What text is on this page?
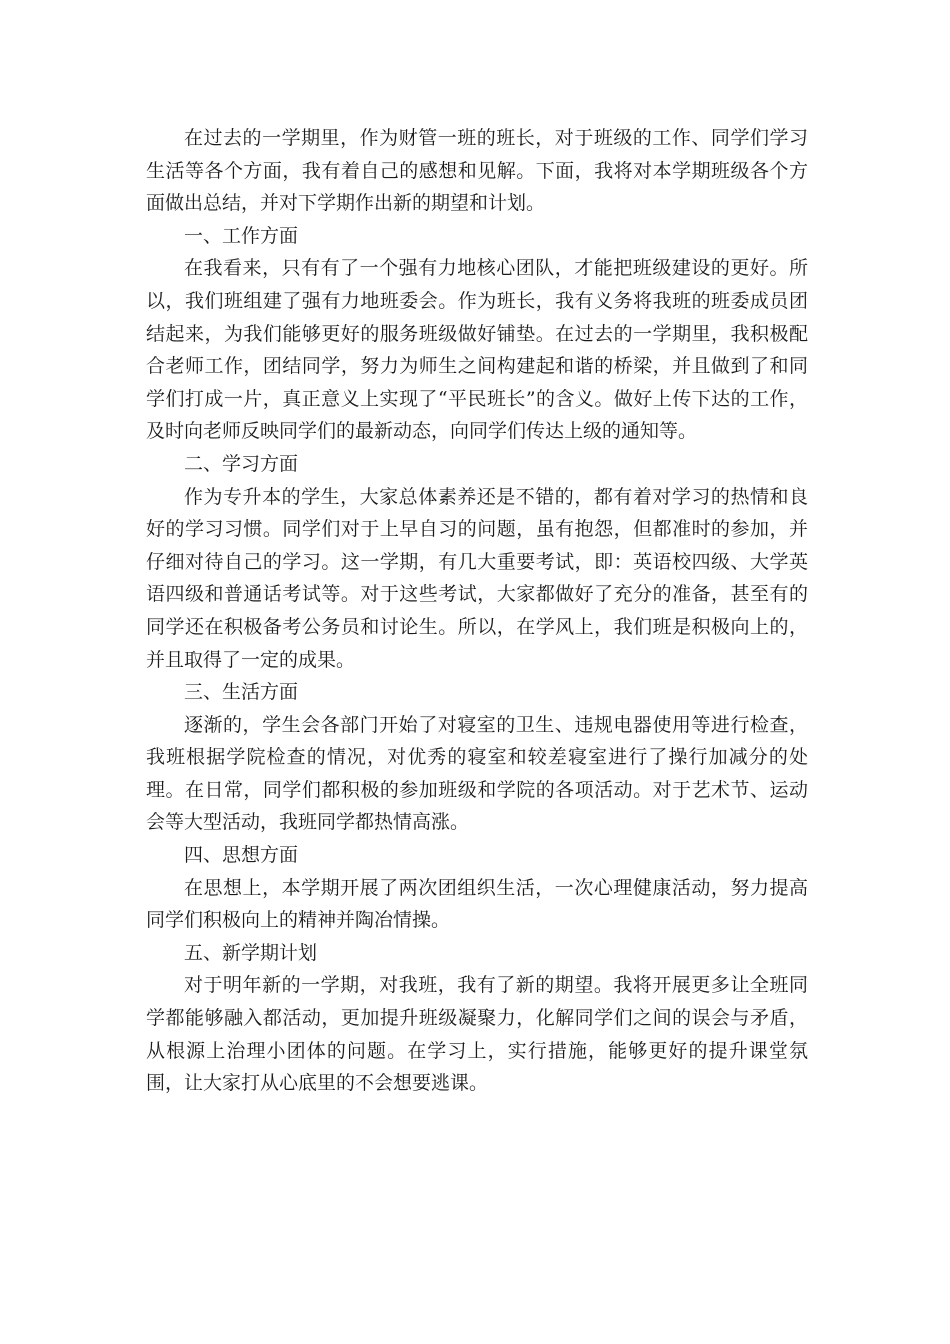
在过去的一学期里，作为财管一班的班长，对于班级的工作、同学们学习生活等各个方面，我有着自己的感想和见解。下面，我将对本学期班级各个方面做出总结，并对下学期作出新的期望和计划。

一、工作方面

在我看来，只有有了一个强有力地核心团队，才能把班级建设的更好。所以，我们班组建了强有力地班委会。作为班长，我有义务将我班的班委成员团结起来，为我们能够更好的服务班级做好铺垫。在过去的一学期里，我积极配合老师工作，团结同学，努力为师生之间构建起和谐的桥梁，并且做到了和同学们打成一片，真正意义上实现了“平民班长”的含义。做好上传下达的工作，及时向老师反映同学们的最新动态，向同学们传达上级的通知等。

二、学习方面

作为专升本的学生，大家总体素养还是不错的，都有着对学习的热情和良好的学习习惯。同学们对于上早自习的问题，虽有抱怨，但都准时的参加，并仔细对待自己的学习。这一学期，有几大重要考试，即：英语校四级、大学英语四级和普通话考试等。对于这些考试，大家都做好了充分的准备，甚至有的同学还在积极备考公务员和讨论生。所以，在学风上，我们班是积极向上的，并且取得了一定的成果。

三、生活方面

逐渐的，学生会各部门开始了对寝室的卫生、违规电器使用等进行检查，我班根据学院检查的情况，对优秀的寝室和较差寝室进行了操行加减分的处理。在日常，同学们都积极的参加班级和学院的各项活动。对于艺术节、运动会等大型活动，我班同学都热情高涨。

四、思想方面

在思想上，本学期开展了两次团组织生活，一次心理健康活动，努力提高同学们积极向上的精神并陶冶情操。

五、新学期计划

对于明年新的一学期，对我班，我有了新的期望。我将开展更多让全班同学都能够融入都活动，更加提升班级凝聚力，化解同学们之间的误会与矛盾，从根源上治理小团体的问题。在学习上，实行措施，能够更好的提升课堂氛围，让大家打从心底里的不会想要逃课。
